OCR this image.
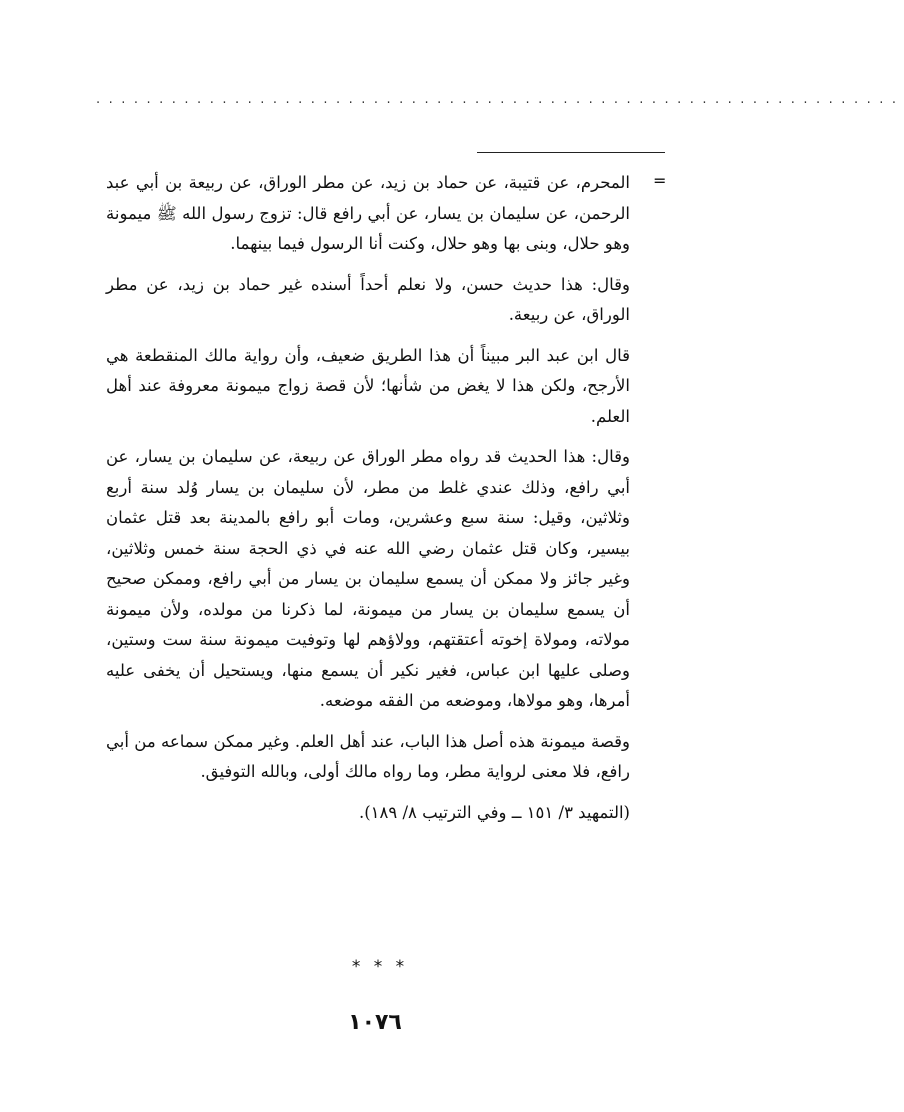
................................................................
=

المحرم، عن قتيبة، عن حماد بن زيد، عن مطر الوراق، عن ربيعة بن أبي عبد الرحمن، عن سليمان بن يسار، عن أبي رافع قال: تزوج رسول الله ﷺ ميمونة وهو حلال، وبنى بها وهو حلال، وكنت أنا الرسول فيما بينهما.

وقال: هذا حديث حسن، ولا نعلم أحداً أسنده غير حماد بن زيد، عن مطر الوراق، عن ربيعة.

قال ابن عبد البر مبيناً أن هذا الطريق ضعيف، وأن رواية مالك المنقطعة هي الأرجح، ولكن هذا لا يغض من شأنها؛ لأن قصة زواج ميمونة معروفة عند أهل العلم.

وقال: هذا الحديث قد رواه مطر الوراق عن ربيعة، عن سليمان بن يسار، عن أبي رافع، وذلك عندي غلط من مطر، لأن سليمان بن يسار وُلد سنة أربع وثلاثين، وقيل: سنة سبع وعشرين، ومات أبو رافع بالمدينة بعد قتل عثمان بيسير، وكان قتل عثمان رضي الله عنه في ذي الحجة سنة خمس وثلاثين، وغير جائز ولا ممكن أن يسمع سليمان بن يسار من أبي رافع، وممكن صحيح أن يسمع سليمان بن يسار من ميمونة، لما ذكرنا من مولده، ولأن ميمونة مولاته، ومولاة إخوته أعتقتهم، وولاؤهم لها وتوفيت ميمونة سنة ست وستين، وصلى عليها ابن عباس، فغير نكير أن يسمع منها، ويستحيل أن يخفى عليه أمرها، وهو مولاها، وموضعه من الفقه موضعه.

وقصة ميمونة هذه أصل هذا الباب، عند أهل العلم. وغير ممكن سماعه من أبي رافع، فلا معنى لرواية مطر، وما رواه مالك أولى، وبالله التوفيق.

(التمهيد ٣/ ١٥١ ــ وفي الترتيب ٨/ ١٨٩).

* * *
١٠٧٦
